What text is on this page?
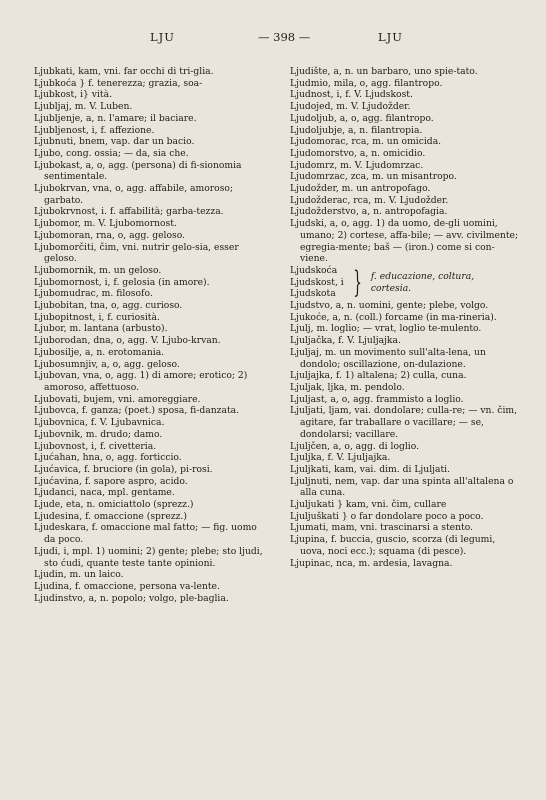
LJU	— 398 —	LJU

Ljubkati, kam, vni. far occhi di tri-glia.

Ljubkoća } f. tenerezza; grazia, soa-

Ljubkost, i} vità.

Ljubljaj, m. V. Luben.

Ljubljenje, a, n. l'amare; il baciare.

Ljubljenost, i, f. affezione.

Ljubnuti, bnem, vap. dar un bacio.

Ljubo, cong. ossia; — da, sia che.

Ljubokast, a, o, agg. (persona) di fi-sionomia sentimentale.

Ljubokrvan, vna, o, agg. affabile, amoroso; garbato.

Ljubokrvnost, i. f. affabilità; garba-tezza.

Ljubomor, m. V. Ljubomornost.

Ljubomoran, rna, o, agg. geloso.

Ljubomorčiti, čim, vni. nutrir gelo-sia, esser geloso.

Ljubomornik, m. un geloso.

Ljubomornost, i, f. gelosia (in amore).

Ljubomudrac, m. filosofo.

Ljubobitan, tna, o, agg. curioso.

Ljubopitnost, i, f. curiosità.

Ljubor, m. lantana (arbusto).

Ljuborodan, dna, o, agg. V. Ljubo-krvan.

Ljubosilje, a, n. erotomania.

Ljubosumnjiv, a, o, agg. geloso.

Ljubovan, vna, o, agg. 1) di amore; erotico; 2) amoroso, affettuoso.

Ljubovati, bujem, vni. amoreggiare.

Ljubovca, f. ganza; (poet.) sposa, fi-danzata.

Ljubovnica, f. V. Ljubavnica.

Ljubovnik, m. drudo; damo.

Ljubovnost, i, f. civetteria.

Ljućahan, hna, o, agg. forticcio.

Ljućavica, f. bruciore (in gola), pi-rosi.

Ljućavina, f. sapore aspro, acido.

Ljudanci, naca, mpl. gentame.

Ljude, eta, n. omiciattolo (sprezz.)

Ljudesina, f. omaccione (sprezz.)

Ljudeskara, f. omaccione mal fatto; — fig. uomo da poco.

Ljudi, i, mpl. 1) uomini; 2) gente; plebe; sto ljudi, sto ćudi, quante teste tante opinioni.

Ljudin, m. un laico.

Ljudina, f. omaccione, persona va-lente.

Ljudinstvo, a, n. popolo; volgo, ple-baglia.

Ljudište, a, n. un barbaro, uno spie-tato.

Ljudmio, mila, o, agg. filantropo.

Ljudnost, i, f. V. Ljudskost.

Ljudojed, m. V. Ljudožder.

Ljudoljub, a, o, agg. filantropo.

Ljudoljubje, a, n. filantropia.

Ljudomorac, rca, m. un omicida.

Ljudomorstvo, a, n. omicidio.

Ljudomrz, m. V. Ljudomrzac.

Ljudomrzac, zca, m. un misantropo.

Ljudožder, m. un antropofago.

Ljudožderac, rca, m. V. Ljudožder.

Ljudožderstvo, a, n. antropofagia.

Ljudski, a, o, agg. 1) da uomo, de-gli uomini, umano; 2) cortese, affa-bile; — avv. civilmente; egregia-mente; baš — (iron.) come si con-viene.

Ljudskoća
Ljudskost, i
Ljudskota } f. educazione, coltura,
cortesia.

Ljudstvo, a, n. uomini, gente; plebe, volgo.

Ljukoće, a, n. (coll.) forcame (in ma-rineria).

Ljulj, m. loglio; — vrat, loglio te-mulento.

Ljuljačka, f. V. Ljuljajka.

Ljuljaj, m. un movimento sull'alta-lena, un dondolo; oscillazione, on-dulazione.

Ljuljajka, f. 1) altalena; 2) culla, cuna.

Ljuljak, ljka, m. pendolo.

Ljuljast, a, o, agg. frammisto a loglio.

Ljuljati, ljam, vai. dondolare; culla-re; — vn. čim, agitare, far traballare o vacillare; — se, dondolarsi; vacillare.

Ljuljčen, a, o, agg. di loglio.

Ljuljka, f. V. Ljuljajka.

Ljuljkati, kam, vai. dim. di Ljuljati.

Ljuljnuti, nem, vap. dar una spinta all'altalena o alla cuna.

Ljuljukati } kam, vni. čim, cullare

Ljuljuškati } o far dondolare poco a poco.

Ljumati, mam, vni. trascinarsi a stento.

Ljupina, f. buccia, guscio, scorza (di legumi, uova, noci ecc.); squama (di pesce).

Ljupinac, nca, m. ardesia, lavagna.
